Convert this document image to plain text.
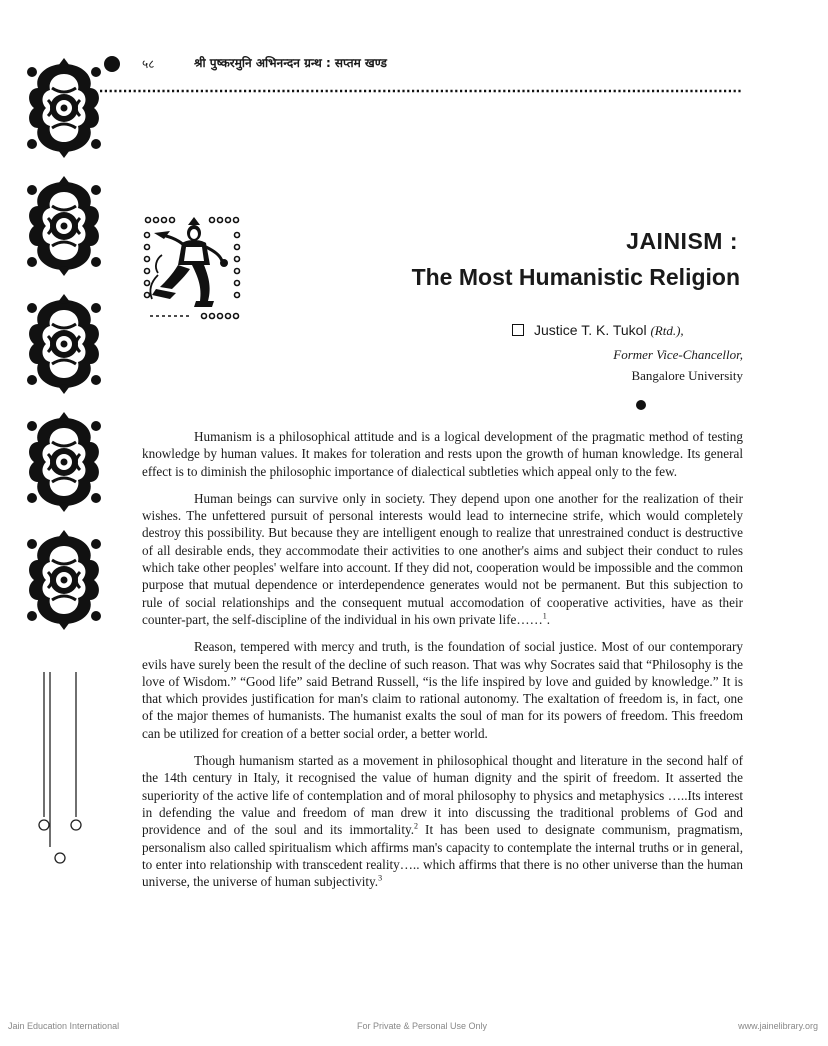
५८	श्री पुष्करमुनि अभिनन्दन ग्रन्थ : सप्तम खण्ड
JAINISM :
The Most Humanistic Religion
Justice T. K. Tukol (Rtd.),
Former Vice-Chancellor,
Bangalore University

Humanism is a philosophical attitude and is a logical development of the pragmatic method of testing knowledge by human values. It makes for toleration and rests upon the growth of human knowledge. Its general effect is to diminish the philosophic importance of dialectical subtleties which appeal only to the few.

Human beings can survive only in society. They depend upon one another for the realization of their wishes. The unfettered pursuit of personal interests would lead to internecine strife, which would completely destroy this possibility. But because they are intelligent enough to realize that unrestrained conduct is destructive of all desirable ends, they accommodate their activities to one another's aims and subject their conduct to rules which take other peoples' welfare into account. If they did not, cooperation would be impossible and the common purpose that mutual dependence or interdependence generates would not be permanent. But this subjection to rule of social relationships and the consequent mutual accomodation of cooperative activities, have as their counter-part, the self-discipline of the individual in his own private life……$^1$.

Reason, tempered with mercy and truth, is the foundation of social justice. Most of our contemporary evils have surely been the result of the decline of such reason. That was why Socrates said that “Philosophy is the love of Wisdom.” “Good life” said Betrand Russell, “is the life inspired by love and guided by knowledge.” It is that which provides justification for man's claim to rational autonomy. The exaltation of freedom is, in fact, one of the major themes of humanists. The humanist exalts the soul of man for its powers of freedom. This freedom can be utilized for creation of a better social order, a better world.

Though humanism started as a movement in philosophical thought and literature in the second half of the 14th century in Italy, it recognised the value of human dignity and the spirit of freedom. It asserted the superiority of the active life of contemplation and of moral philosophy to physics and metaphysics …..Its interest in defending the value and freedom of man drew it into discussing the traditional problems of God and providence and of the soul and its immortality.$^2$ It has been used to designate communism, pragmatism, personalism also called spiritualism which affirms man's capacity to contemplate the internal truths or in general, to enter into relationship with transcedent reality….. which affirms that there is no other universe than the human universe, the universe of human subjectivity.$^3$

Jain Education International	For Private & Personal Use Only	www.jainelibrary.org
